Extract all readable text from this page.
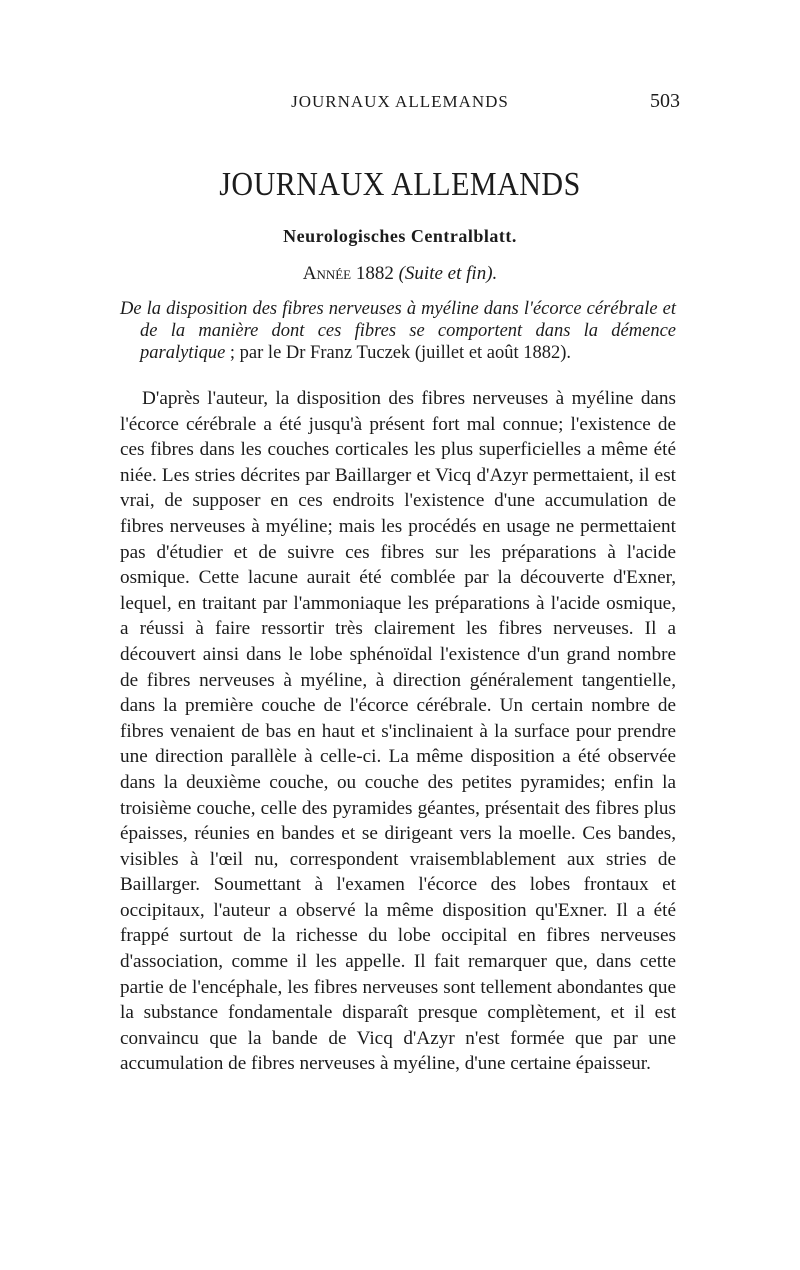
JOURNAUX ALLEMANDS	503
JOURNAUX ALLEMANDS
Neurologisches Centralblatt.
Année 1882 (Suite et fin).
De la disposition des fibres nerveuses à myéline dans l'écorce cérébrale et de la manière dont ces fibres se comportent dans la démence paralytique ; par le Dr Franz Tuczek (juillet et août 1882).

D'après l'auteur, la disposition des fibres nerveuses à myéline dans l'écorce cérébrale a été jusqu'à présent fort mal connue; l'existence de ces fibres dans les couches corticales les plus superficielles a même été niée. Les stries décrites par Baillarger et Vicq d'Azyr permettaient, il est vrai, de supposer en ces endroits l'existence d'une accumulation de fibres nerveuses à myéline; mais les procédés en usage ne permettaient pas d'étudier et de suivre ces fibres sur les préparations à l'acide osmique. Cette lacune aurait été comblée par la découverte d'Exner, lequel, en traitant par l'ammoniaque les préparations à l'acide osmique, a réussi à faire ressortir très clairement les fibres nerveuses. Il a découvert ainsi dans le lobe sphénoïdal l'existence d'un grand nombre de fibres nerveuses à myéline, à direction généralement tangentielle, dans la première couche de l'écorce cérébrale. Un certain nombre de fibres venaient de bas en haut et s'inclinaient à la surface pour prendre une direction parallèle à celle-ci. La même disposition a été observée dans la deuxième couche, ou couche des petites pyramides; enfin la troisième couche, celle des pyramides géantes, présentait des fibres plus épaisses, réunies en bandes et se dirigeant vers la moelle. Ces bandes, visibles à l'œil nu, correspondent vraisemblablement aux stries de Baillarger. Soumettant à l'examen l'écorce des lobes frontaux et occipitaux, l'auteur a observé la même disposition qu'Exner. Il a été frappé surtout de la richesse du lobe occipital en fibres nerveuses d'association, comme il les appelle. Il fait remarquer que, dans cette partie de l'encéphale, les fibres nerveuses sont tellement abondantes que la substance fondamentale disparaît presque complètement, et il est convaincu que la bande de Vicq d'Azyr n'est formée que par une accumulation de fibres nerveuses à myéline, d'une certaine épaisseur.
